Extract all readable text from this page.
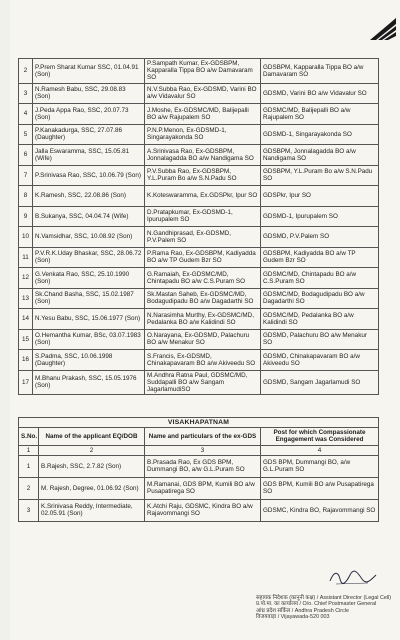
2	P.Prem Sharat Kumar SSC, 01.04.91 (Son)	P.Sampath Kumar, Ex-GDSBPM, Kapparalla Tippa BO a/w Damavaram SO	GDSBPM, Kapparalla Tippa BO a/w Damavaram SO
3	N.Ramesh Babu, SSC, 29.08.83 (Son)	N.V.Subba Rao, Ex-GDSMD, Varini BO a/w Vidavalur SO	GDSMD, Varini BO a/w Vidavalur SO
4	J.Peda Appa Rao, SSC, 20.07.73 (Son)	J.Moshe, Ex-GDSMC/MD, Balijepalli BO a/w Rajupalem SO	GDSMC/MD, Balijepalli BO a/w Rajupalem SO
5	P.Kanakadurga, SSC, 27.07.86 (Daughter)	P.N.P.Menon, Ex-GDSMD-1, Singarayakonda SO	GDSMD-1, Singarayakonda SO
6	Jalla Eswaramma, SSC, 15.05.81 (Wife)	A.Srinivasa Rao, Ex-GDSBPM, Jonnalagadda BO a/w Nandigama SO	GDSBPM, Jonnalagadda BO a/w Nandigama SO
7	P.Srinivasa Rao, SSC, 10.06.79 (Son)	P.V.Subba Rao, Ex-GDSBPM, Y.L.Puram Bo a/w S.N.Padu SO	GDSBPM, Y.L.Puram Bo a/w S.N.Padu SO
8	K.Ramesh, SSC, 22.08.86 (Son)	K.Koteswaramma, Ex.GDSPkr, Ipur SO	GDSPkr, Ipur SO
9	B.Sukanya, SSC, 04.04.74 (Wife)	D.Pratapkumar, Ex-GDSMD-1, Ipurupalem SO	GDSMD-1, Ipurupalem SO
10	N.Vamsidhar, SSC, 10.08.92 (Son)	N.Gandhiprasad, Ex-GDSMD, P.V.Palem SO	GDSMD, P.V.Palem SO
11	P.V.R.K.Uday Bhaskar, SSC, 28.06.72 (Son)	P.Rama Rao, Ex-GDSBPM, Kadiyadda BO a/w TP Gudem Bzr SO	GDSBPM, Kadiyadda BO a/w TP Gudem Bzr SO
12	G.Venkata Rao, SSC, 25.10.1990 (Son)	G.Ramaiah, Ex-GDSMC/MD, Chintapadu BO a/w C.S.Puram SO	GDSMC/MD, Chintapadu BO a/w C.S.Puram SO
13	Sk.Chand Basha, SSC, 15.02.1987 (Son)	Sk.Mastan Saheb, Ex-GDSMC/MD, Bodagudipadu BO a/w Dagadarthi SO	GDSMC/MD, Bodagudipadu BO a/w Dagadarthi SO
14	N.Yesu Babu, SSC, 15.06.1977 (Son)	N.Narasimha Murthy, Ex-GDSMC/MD, Pedalanka BO a/w Kalidindi SO	GDSMC/MD, Pedalanka BO a/w Kalidindi SO
15	O.Hemantha Kumar, BSc, 03.07.1983 (Son)	O.Narayana, Ex-GDSMD, Palachuru BO a/w Menakur SO	GDSMD, Palachuru BO a/w Menakur SO
16	S.Padma, SSC, 10.06.1998 (Daughter)	S.Francis, Ex-GDSMD, Chinakapavaram BO a/w Akiveedu SO	GDSMD, Chinakapavaram BO a/w Akiveedu SO
17	M.Bhanu Prakash, SSC, 15.05.1976 (Son)	M.Andhra Ratna Paul, GDSMC/MD, Suddapalli BO a/w Sangam JagarlamudiSO	GDSMD, Sangam Jagarlamudi SO
VISAKHAPATNAM			
S.No.	Name of the applicant EQ/DOB	Name and particulars of the ex-GDS	Post for which Compassionate Engagement was Considered
1	2	3	4
1	B.Rajesh, SSC, 2.7.82 (Son)	B.Prasada Rao, Ex GDS BPM, Dummangi BO, a/w G.L.Puram SO	GDS BPM, Dummangi BO, a/w G.L.Puram SO
2	M. Rajesh, Degree, 01.06.92 (Son)	M.Ramanai, GDS BPM, Kumili BO a/w Pusapatirega SO	GDS BPM, Kumili BO a/w Pusapatirega SO
3	K.Srinivasa Reddy, Intermediate, 02.05.91 (Son)	K.Atchi Raju, GDSMC, Kindra BO a/w Rajavommangi SO	GDSMC, Kindra BO, Rajavommangi SO
सहायक निदेशक (कानूनी कक्ष) / Assistant Director (Legal Cell)
प्र.पो.मा. का कार्यालय / O/o. Chief Postmaster General
आंध्र प्रदेश सर्किल / Andhra Pradesh Circle
विजयवाड़ा / Vijayawada-520 003
